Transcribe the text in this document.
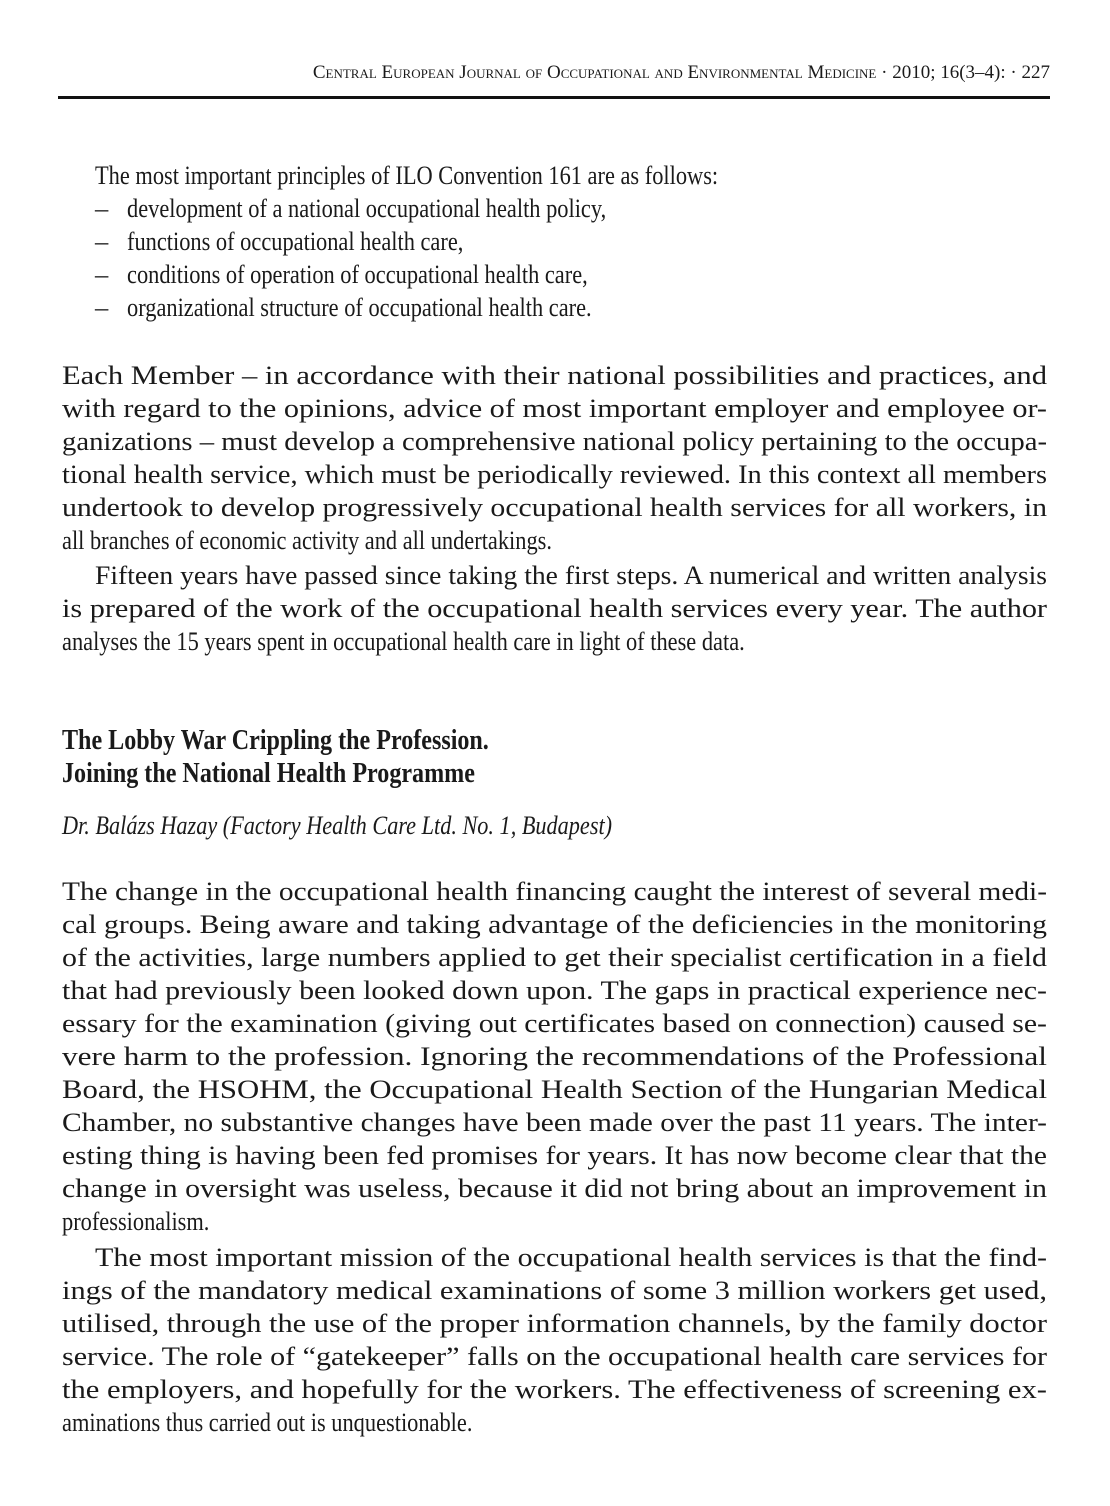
Central European Journal of Occupational and Environmental Medicine · 2010; 16(3–4): · 227
The most important principles of ILO Convention 161 are as follows:
– development of a national occupational health policy,
– functions of occupational health care,
– conditions of operation of occupational health care,
– organizational structure of occupational health care.
Each Member – in accordance with their national possibilities and practices, and
with regard to the opinions, advice of most important employer and employee or-
ganizations – must develop a comprehensive national policy pertaining to the occupa-
tional health service, which must be periodically reviewed. In this context all members
undertook to develop progressively occupational health services for all workers, in
all branches of economic activity and all undertakings.
Fifteen years have passed since taking the first steps. A numerical and written analysis
is prepared of the work of the occupational health services every year. The author
analyses the 15 years spent in occupational health care in light of these data.
The Lobby War Crippling the Profession.
Joining the National Health Programme
Dr. Balázs Hazay (Factory Health Care Ltd. No. 1, Budapest)
The change in the occupational health financing caught the interest of several medi-
cal groups. Being aware and taking advantage of the deficiencies in the monitoring
of the activities, large numbers applied to get their specialist certification in a field
that had previously been looked down upon. The gaps in practical experience nec-
essary for the examination (giving out certificates based on connection) caused se-
vere harm to the profession. Ignoring the recommendations of the Professional
Board, the HSOHM, the Occupational Health Section of the Hungarian Medical
Chamber, no substantive changes have been made over the past 11 years. The inter-
esting thing is having been fed promises for years. It has now become clear that the
change in oversight was useless, because it did not bring about an improvement in
professionalism.
The most important mission of the occupational health services is that the find-
ings of the mandatory medical examinations of some 3 million workers get used,
utilised, through the use of the proper information channels, by the family doctor
service. The role of “gatekeeper” falls on the occupational health care services for
the employers, and hopefully for the workers. The effectiveness of screening ex-
aminations thus carried out is unquestionable.
